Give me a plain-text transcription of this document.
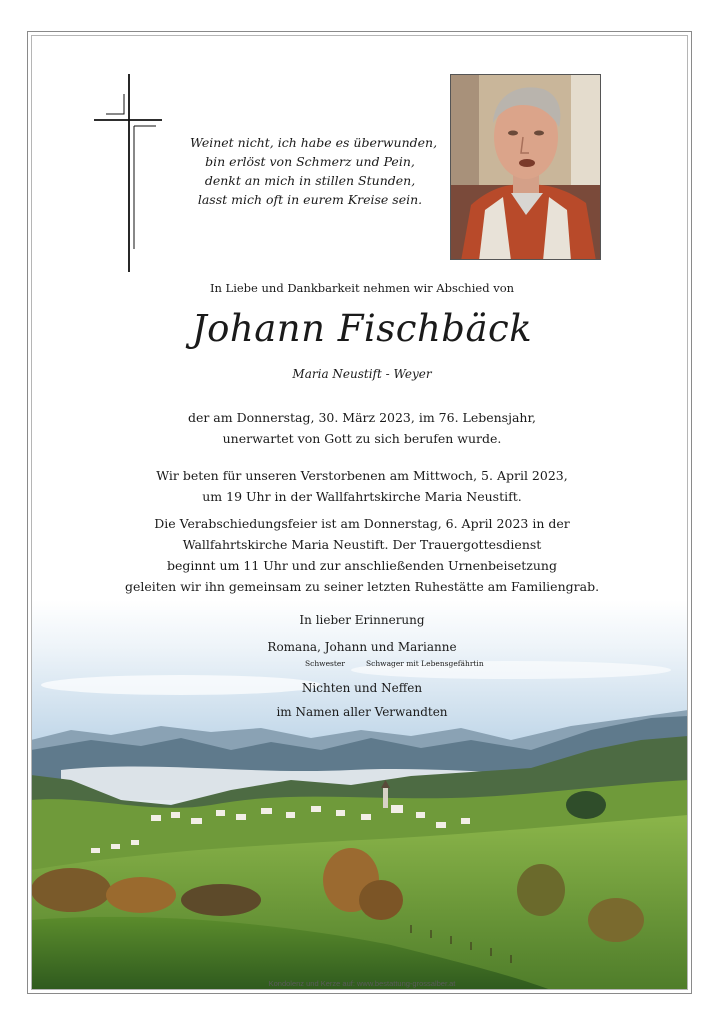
Weinet nicht, ich habe es überwunden,
bin erlöst von Schmerz und Pein,
denkt an mich in stillen Stunden,
lasst mich oft in eurem Kreise sein.
In Liebe und Dankbarkeit nehmen wir Abschied von
Johann Fischbäck
Maria Neustift - Weyer
der am Donnerstag, 30. März 2023, im 76. Lebensjahr,
unerwartet von Gott zu sich berufen wurde.
Wir beten für unseren Verstorbenen am Mittwoch, 5. April 2023,
um 19 Uhr in der Wallfahrtskirche Maria Neustift.
Die Verabschiedungsfeier ist am Donnerstag, 6. April 2023 in der
Wallfahrtskirche Maria Neustift. Der Trauergottesdienst
beginnt um 11 Uhr und zur anschließenden Urnenbeisetzung
geleiten wir ihn gemeinsam zu seiner letzten Ruhestätte am Familiengrab.
In lieber Erinnerung
Romana, Johann und Marianne
Schwester	Schwager mit Lebensgefährtin
Nichten und Neffen
im Namen aller Verwandten
Kondolenz und Kerze auf: www.bestattung-grossalber.at
